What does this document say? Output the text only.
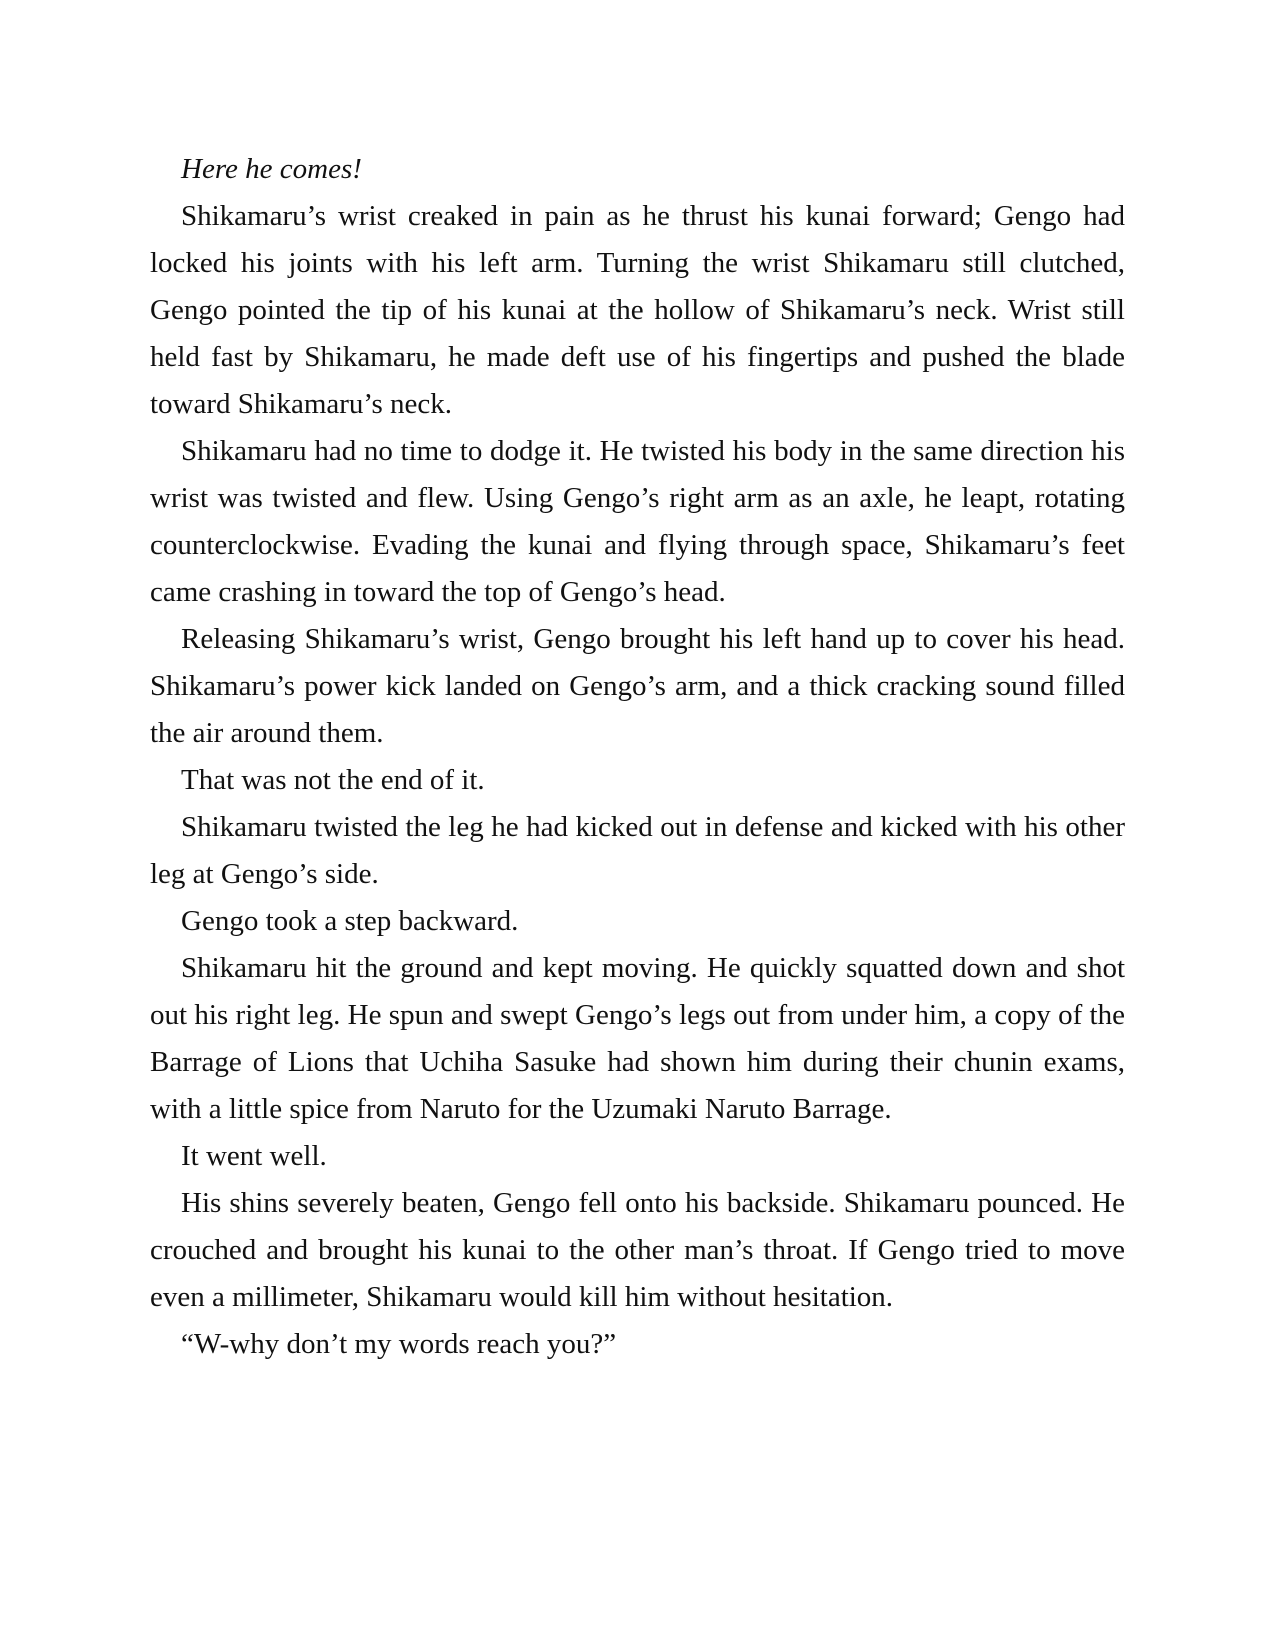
Here he comes!

Shikamaru’s wrist creaked in pain as he thrust his kunai forward; Gengo had locked his joints with his left arm. Turning the wrist Shikamaru still clutched, Gengo pointed the tip of his kunai at the hollow of Shikamaru’s neck. Wrist still held fast by Shikamaru, he made deft use of his fingertips and pushed the blade toward Shikamaru’s neck.

Shikamaru had no time to dodge it. He twisted his body in the same direction his wrist was twisted and flew. Using Gengo’s right arm as an axle, he leapt, rotating counterclockwise. Evading the kunai and flying through space, Shikamaru’s feet came crashing in toward the top of Gengo’s head.

Releasing Shikamaru’s wrist, Gengo brought his left hand up to cover his head. Shikamaru’s power kick landed on Gengo’s arm, and a thick cracking sound filled the air around them.

That was not the end of it.

Shikamaru twisted the leg he had kicked out in defense and kicked with his other leg at Gengo’s side.

Gengo took a step backward.

Shikamaru hit the ground and kept moving. He quickly squatted down and shot out his right leg. He spun and swept Gengo’s legs out from under him, a copy of the Barrage of Lions that Uchiha Sasuke had shown him during their chunin exams, with a little spice from Naruto for the Uzumaki Naruto Barrage.

It went well.

His shins severely beaten, Gengo fell onto his backside. Shikamaru pounced. He crouched and brought his kunai to the other man’s throat. If Gengo tried to move even a millimeter, Shikamaru would kill him without hesitation.

“W-why don’t my words reach you?”
